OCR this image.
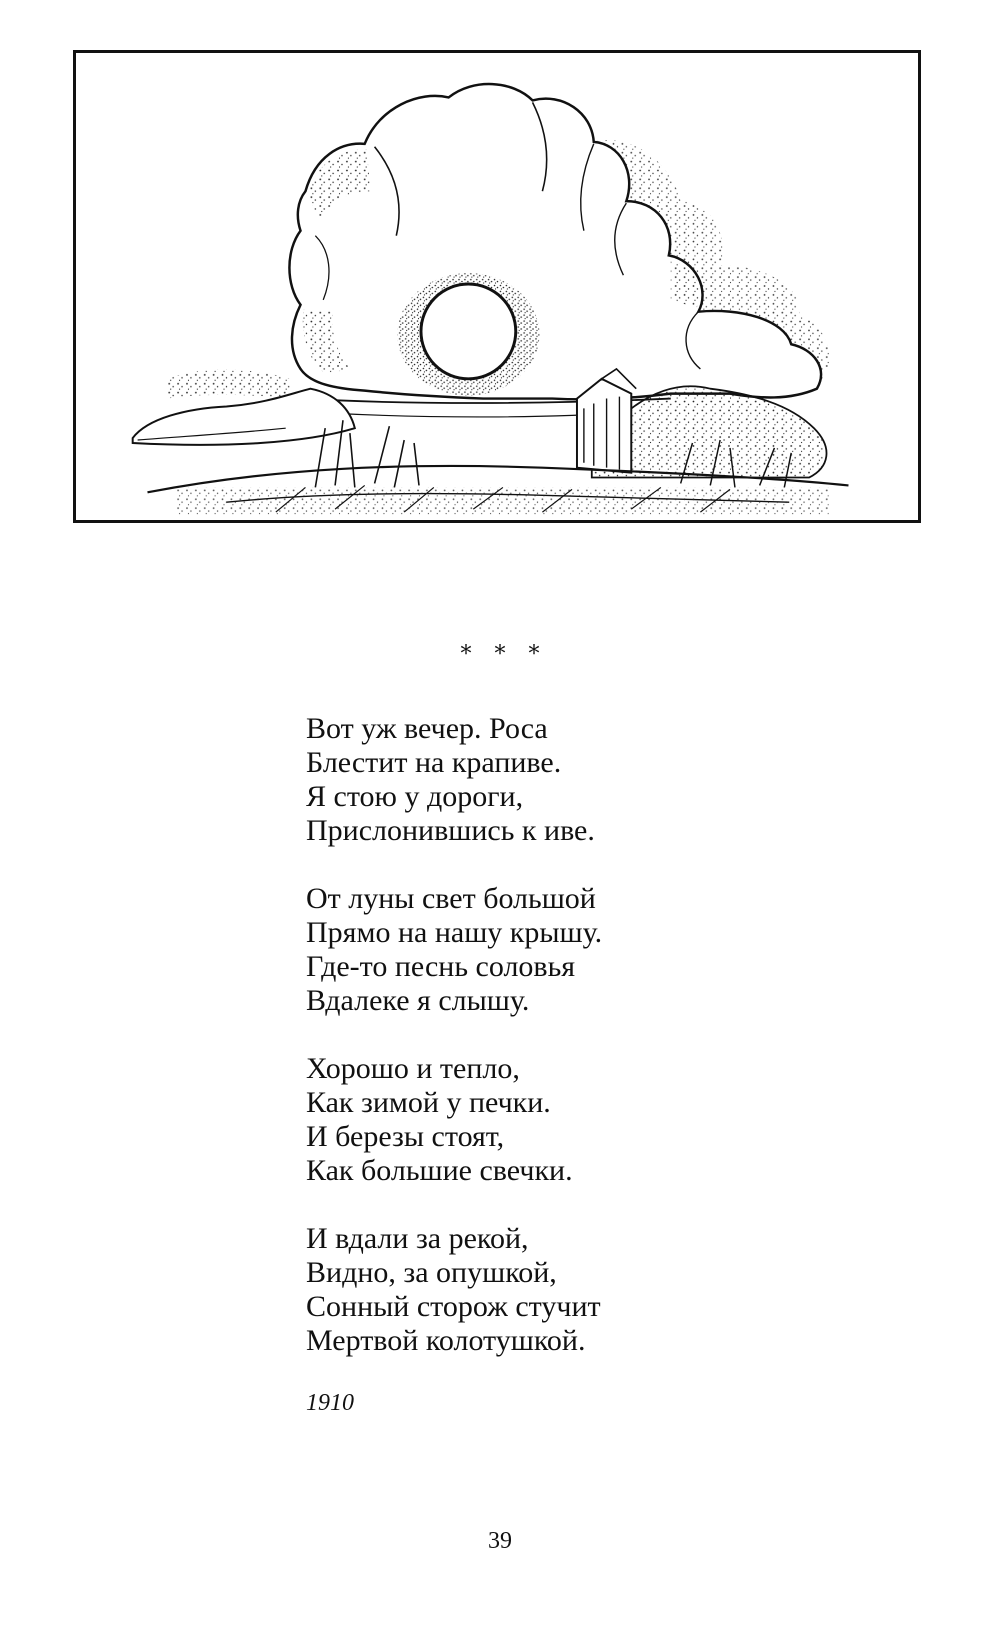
* * *
Вот уж вечер. Роса
Блестит на крапиве.
Я стою у дороги,
Прислонившись к иве.
От луны свет большой
Прямо на нашу крышу.
Где-то песнь соловья
Вдалеке я слышу.
Хорошо и тепло,
Как зимой у печки.
И березы стоят,
Как большие свечки.
И вдали за рекой,
Видно, за опушкой,
Сонный сторож стучит
Мертвой колотушкой.
1910
39
